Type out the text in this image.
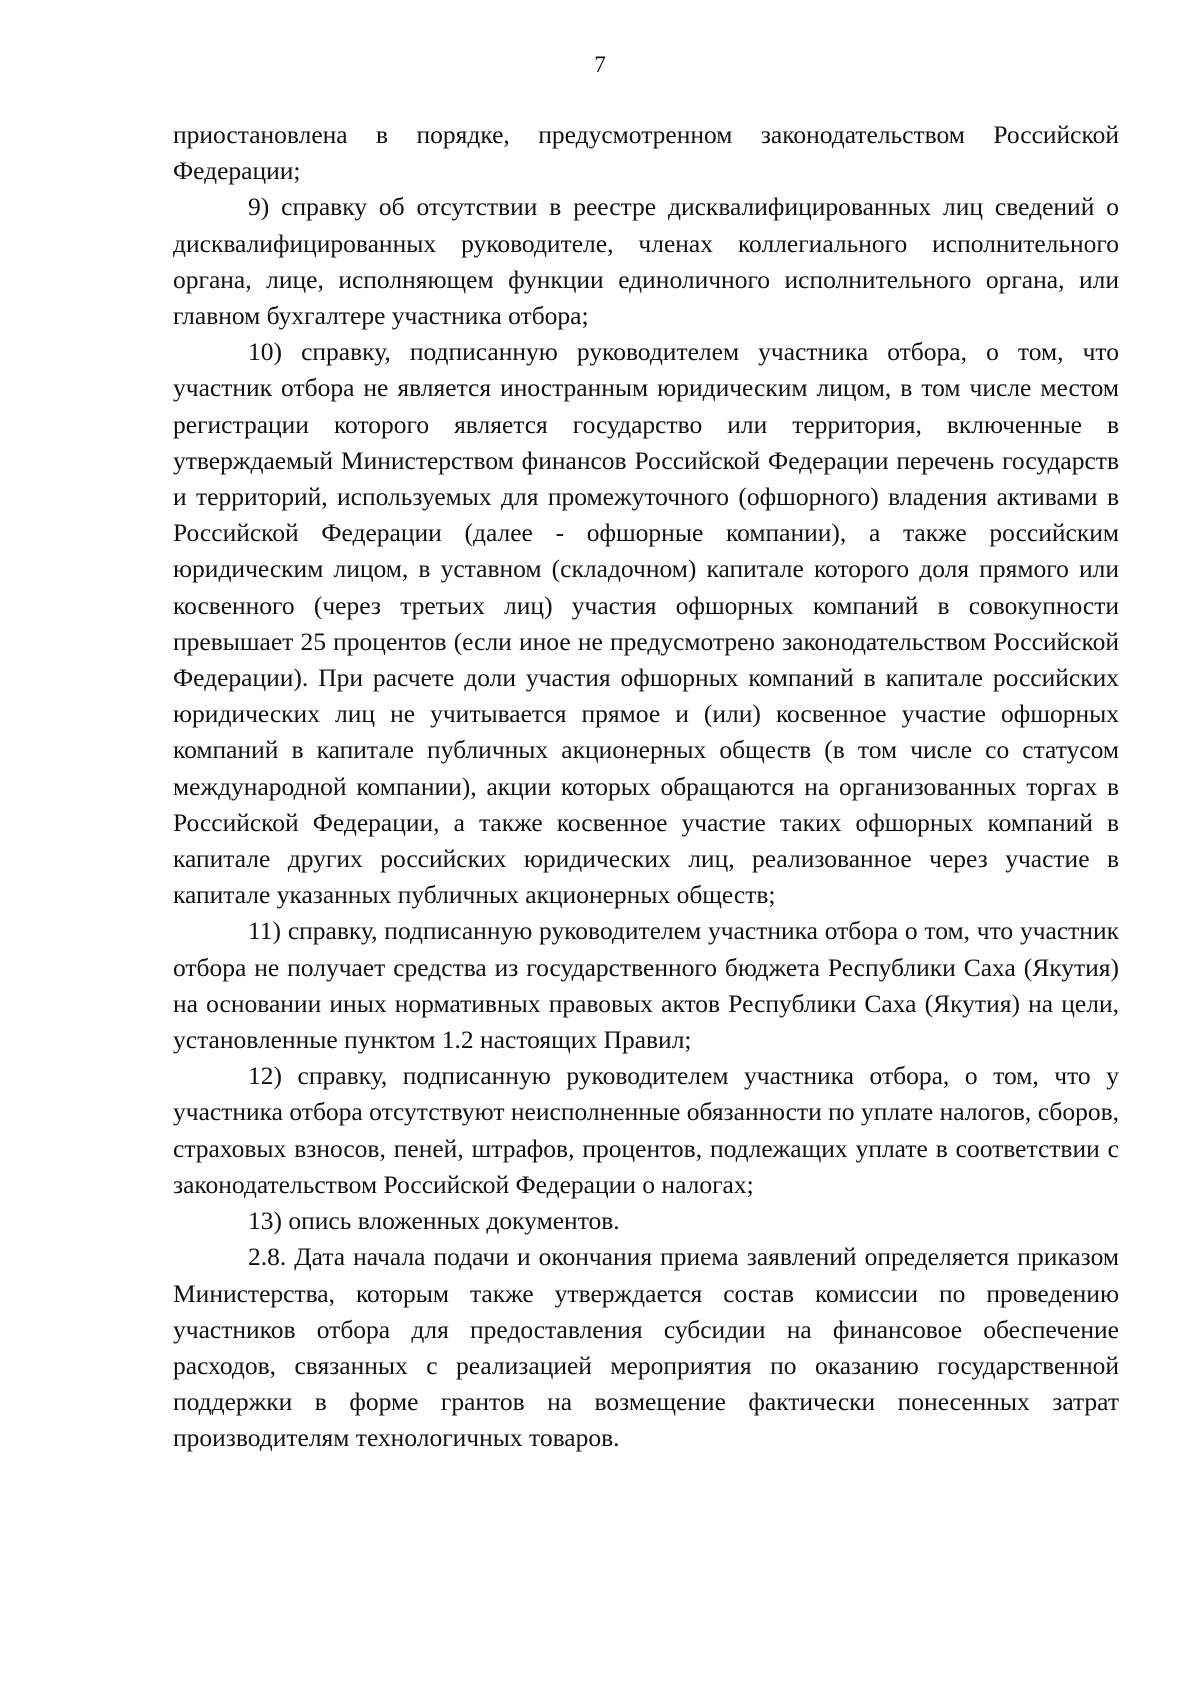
7

приостановлена в порядке, предусмотренном законодательством Российской Федерации;

9) справку об отсутствии в реестре дисквалифицированных лиц сведений о дисквалифицированных руководителе, членах коллегиального исполнительного органа, лице, исполняющем функции единоличного исполнительного органа, или главном бухгалтере участника отбора;

10) справку, подписанную руководителем участника отбора, о том, что участник отбора не является иностранным юридическим лицом, в том числе местом регистрации которого является государство или территория, включенные в утверждаемый Министерством финансов Российской Федерации перечень государств и территорий, используемых для промежуточного (офшорного) владения активами в Российской Федерации (далее - офшорные компании), а также российским юридическим лицом, в уставном (складочном) капитале которого доля прямого или косвенного (через третьих лиц) участия офшорных компаний в совокупности превышает 25 процентов (если иное не предусмотрено законодательством Российской Федерации). При расчете доли участия офшорных компаний в капитале российских юридических лиц не учитывается прямое и (или) косвенное участие офшорных компаний в капитале публичных акционерных обществ (в том числе со статусом международной компании), акции которых обращаются на организованных торгах в Российской Федерации, а также косвенное участие таких офшорных компаний в капитале других российских юридических лиц, реализованное через участие в капитале указанных публичных акционерных обществ;

11) справку, подписанную руководителем участника отбора о том, что участник отбора не получает средства из государственного бюджета Республики Саха (Якутия) на основании иных нормативных правовых актов Республики Саха (Якутия) на цели, установленные пунктом 1.2 настоящих Правил;

12) справку, подписанную руководителем участника отбора, о том, что у участника отбора отсутствуют неисполненные обязанности по уплате налогов, сборов, страховых взносов, пеней, штрафов, процентов, подлежащих уплате в соответствии с законодательством Российской Федерации о налогах;

13) опись вложенных документов.

2.8. Дата начала подачи и окончания приема заявлений определяется приказом Министерства, которым также утверждается состав комиссии по проведению участников отбора для предоставления субсидии на финансовое обеспечение расходов, связанных с реализацией мероприятия по оказанию государственной поддержки в форме грантов на возмещение фактически понесенных затрат производителям технологичных товаров.
